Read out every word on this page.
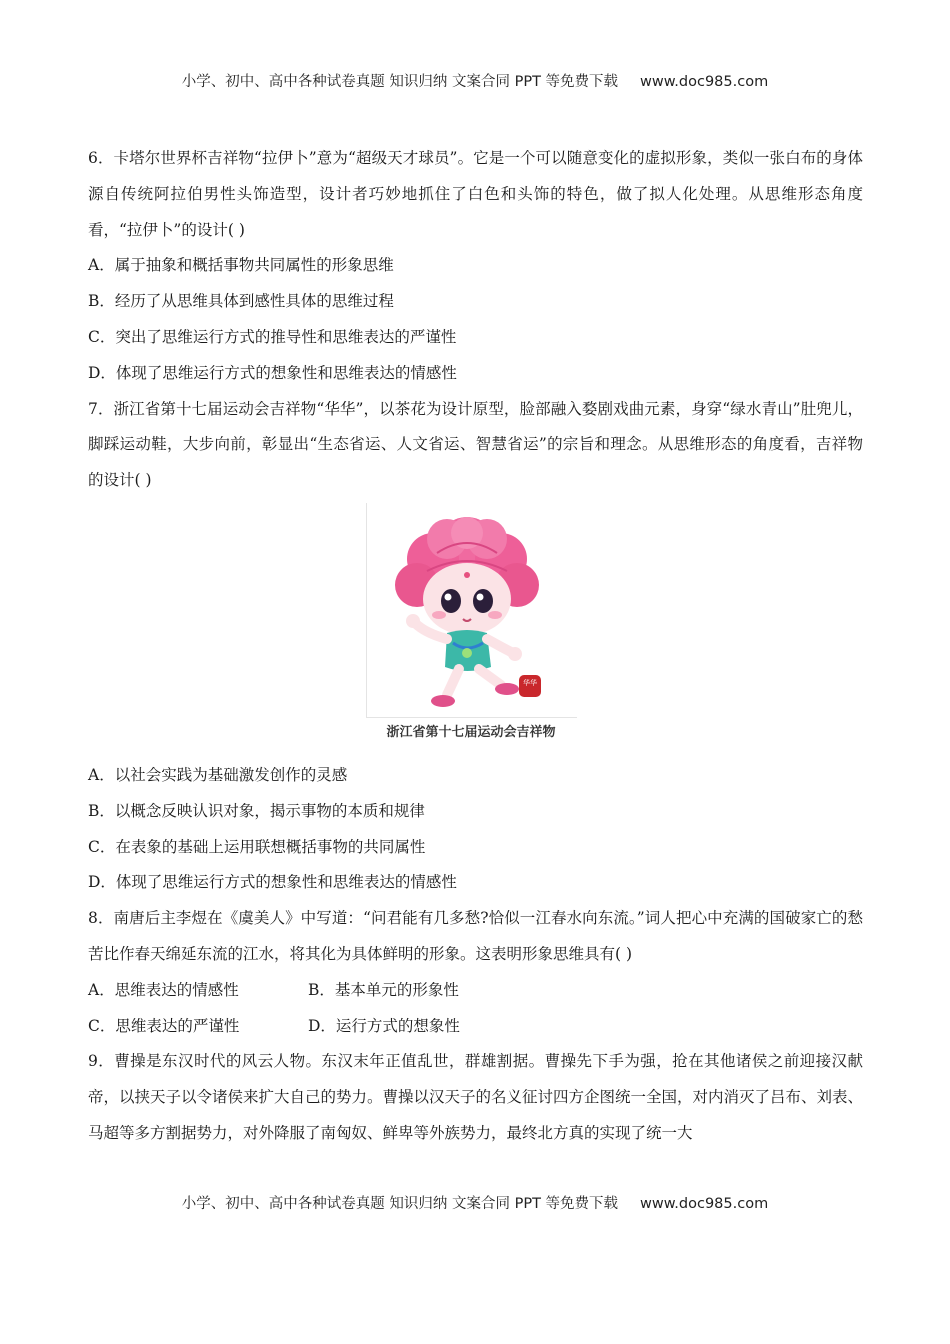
小学、初中、高中各种试卷真题 知识归纳 文案合同 PPT 等免费下载 www.doc985.com

6．卡塔尔世界杯吉祥物“拉伊卜”意为“超级天才球员”。它是一个可以随意变化的虚拟形象，类似一张白布的身体源自传统阿拉伯男性头饰造型，设计者巧妙地抓住了白色和头饰的特色，做了拟人化处理。从思维形态角度看，“拉伊卜”的设计( )

A．属于抽象和概括事物共同属性的形象思维

B．经历了从思维具体到感性具体的思维过程

C．突出了思维运行方式的推导性和思维表达的严谨性

D．体现了思维运行方式的想象性和思维表达的情感性

7．浙江省第十七届运动会吉祥物“华华”，以茶花为设计原型，脸部融入婺剧戏曲元素，身穿“绿水青山”肚兜儿，脚踩运动鞋，大步向前，彰显出“生态省运、人文省运、智慧省运”的宗旨和理念。从思维形态的角度看，吉祥物的设计( )

华华
浙江省第十七届运动会吉祥物

A．以社会实践为基础激发创作的灵感

B．以概念反映认识对象，揭示事物的本质和规律

C．在表象的基础上运用联想概括事物的共同属性

D．体现了思维运行方式的想象性和思维表达的情感性

8．南唐后主李煜在《虞美人》中写道：“问君能有几多愁?恰似一江春水向东流。”词人把心中充满的国破家亡的愁苦比作春天绵延东流的江水，将其化为具体鲜明的形象。这表明形象思维具有( )

A．思维表达的情感性	B．基本单元的形象性

C．思维表达的严谨性	D．运行方式的想象性

9．曹操是东汉时代的风云人物。东汉末年正值乱世，群雄割据。曹操先下手为强，抢在其他诸侯之前迎接汉献帝，以挟天子以令诸侯来扩大自己的势力。曹操以汉天子的名义征讨四方企图统一全国，对内消灭了吕布、刘表、马超等多方割据势力，对外降服了南匈奴、鲜卑等外族势力，最终北方真的实现了统一大

小学、初中、高中各种试卷真题 知识归纳 文案合同 PPT 等免费下载 www.doc985.com
